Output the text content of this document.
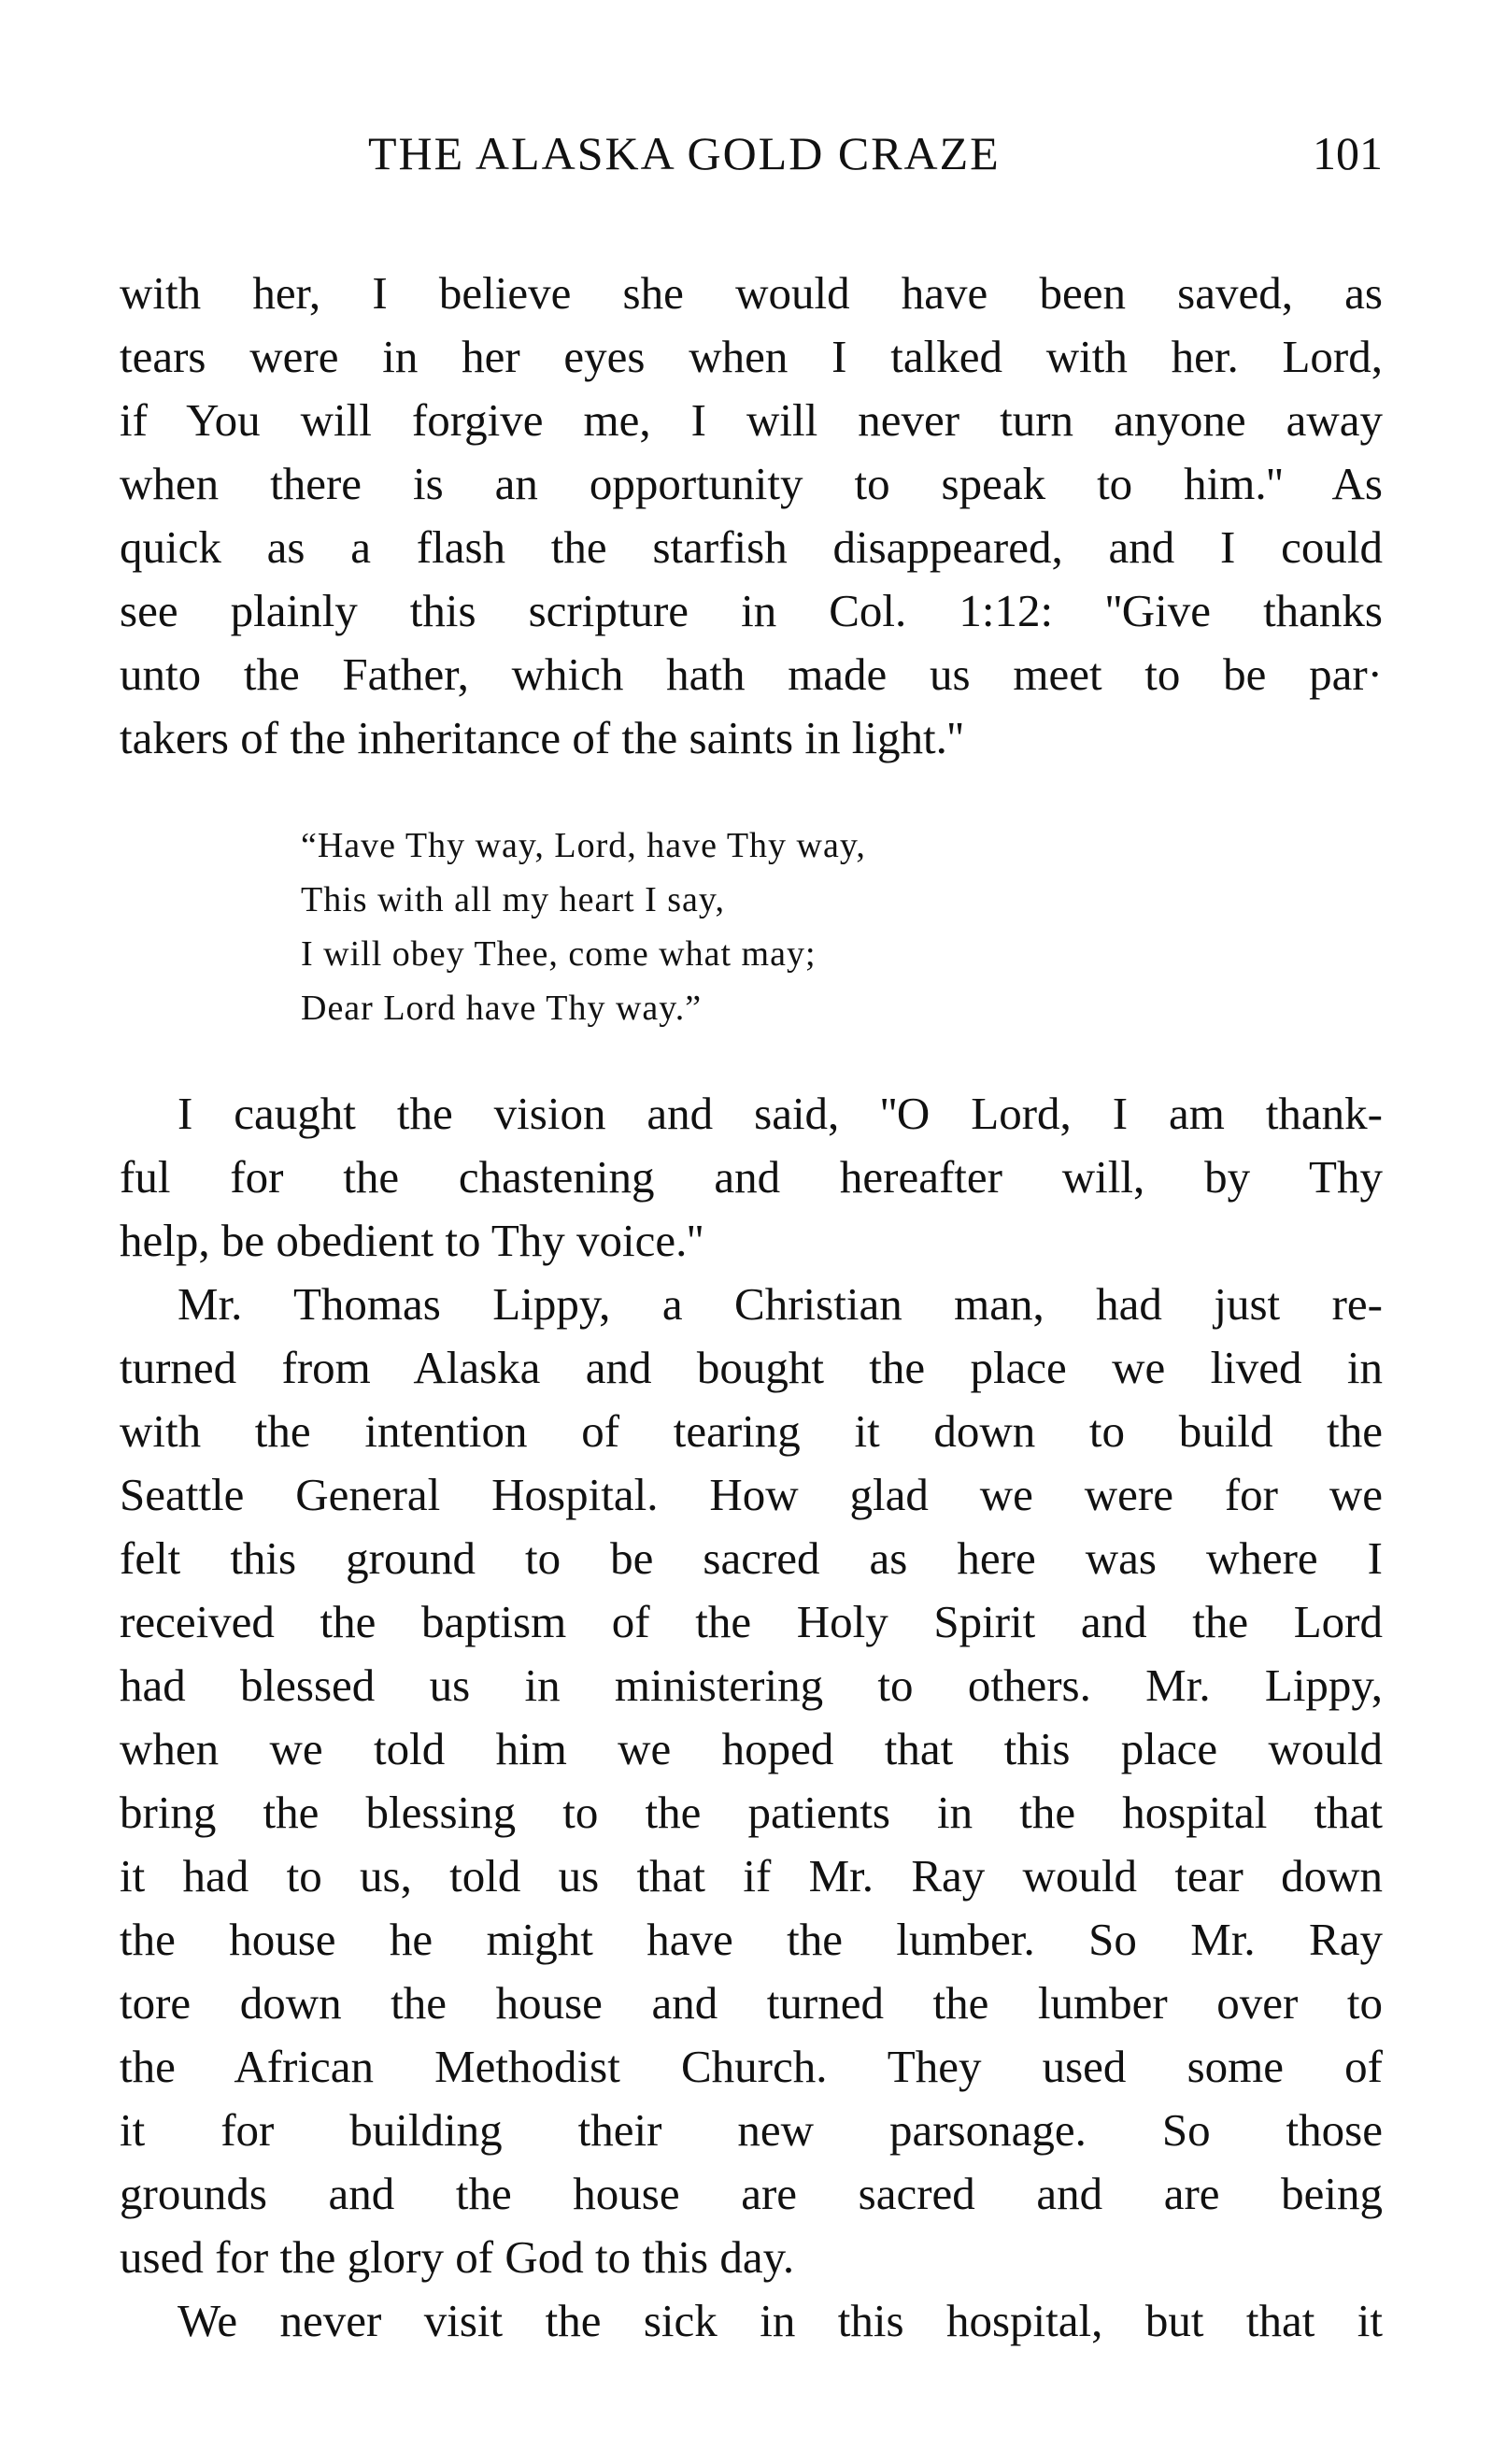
THE ALASKA GOLD CRAZE	101
with her, I believe she would have been saved, as
tears were in her eyes when I talked with her. Lord,
if You will forgive me, I will never turn anyone away
when there is an opportunity to speak to him.'' As
quick as a flash the starfish disappeared, and I could
see plainly this scripture in Col. 1:12: ''Give thanks
unto the Father, which hath made us meet to be par·
takers of the inheritance of the saints in light.''
“Have Thy way, Lord, have Thy way,
This with all my heart I say,
I will obey Thee, come what may;
Dear Lord have Thy way.”
I caught the vision and said, ''O Lord, I am thank-
ful for the chastening and hereafter will, by Thy
help, be obedient to Thy voice.''
Mr. Thomas Lippy, a Christian man, had just re-
turned from Alaska and bought the place we lived in
with the intention of tearing it down to build the
Seattle General Hospital. How glad we were for we
felt this ground to be sacred as here was where I
received the baptism of the Holy Spirit and the Lord
had blessed us in ministering to others. Mr. Lippy,
when we told him we hoped that this place would
bring the blessing to the patients in the hospital that
it had to us, told us that if Mr. Ray would tear down
the house he might have the lumber. So Mr. Ray
tore down the house and turned the lumber over to
the African Methodist Church. They used some of
it for building their new parsonage. So those
grounds and the house are sacred and are being
used for the glory of God to this day.
We never visit the sick in this hospital, but that it
